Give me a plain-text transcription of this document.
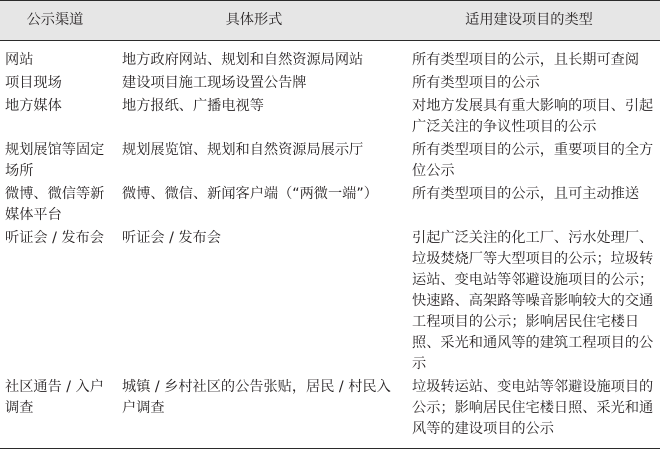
公示渠道	具体形式	适用建设项目的类型
网站	地方政府网站、规划和自然资源局网站	所有类型项目的公示，且长期可查阅
项目现场	建设项目施工现场设置公告牌	所有类型项目的公示
地方媒体	地方报纸、广播电视等	对地方发展具有重大影响的项目、引起广泛关注的争议性项目的公示
规划展馆等固定场所	规划展览馆、规划和自然资源局展示厅	所有类型项目的公示，重要项目的全方位公示
微博、微信等新媒体平台	微博、微信、新闻客户端（“两微一端”）	所有类型项目的公示，且可主动推送
听证会 / 发布会	听证会 / 发布会	引起广泛关注的化工厂、污水处理厂、垃圾焚烧厂等大型项目的公示；垃圾转运站、变电站等邻避设施项目的公示；快速路、高架路等噪音影响较大的交通工程项目的公示；影响居民住宅楼日照、采光和通风等的建筑工程项目的公示
社区通告 / 入户调查	城镇 / 乡村社区的公告张贴，居民 / 村民入户调查	垃圾转运站、变电站等邻避设施项目的公示；影响居民住宅楼日照、采光和通风等的建设项目的公示
